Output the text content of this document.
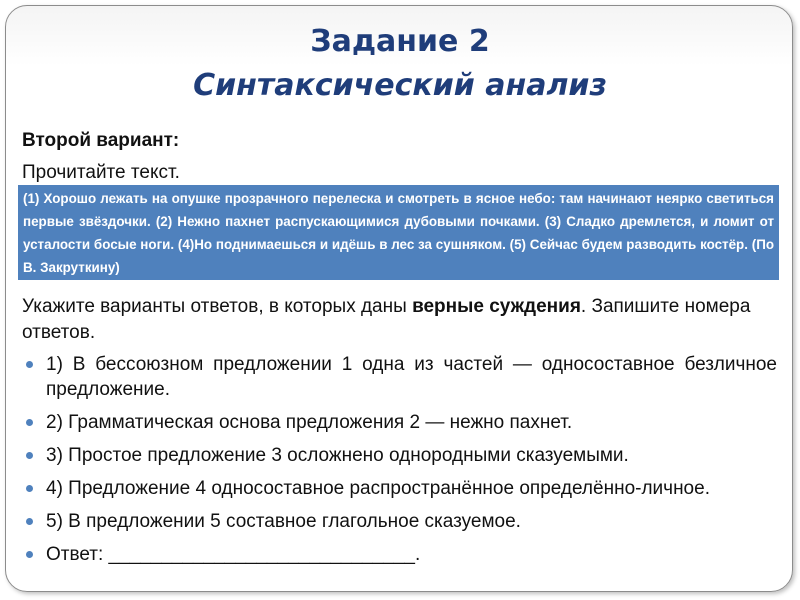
Задание 2
Синтаксический анализ
Второй вариант:
Прочитайте текст.
(1) Хорошо лежать на опушке прозрачного перелеска и смотреть в ясное небо: там начинают неярко светиться первые звёздочки. (2) Нежно пахнет распускающимися дубовыми почками. (3) Сладко дремлется, и ломит от усталости босые ноги. (4)Но поднимаешься и идёшь в лес за сушняком. (5) Сейчас будем разводить костёр. (По В. Закруткину)
Укажите варианты ответов, в которых даны верные суждения. Запишите номера ответов.
1) В бессоюзном предложении 1 одна из частей — односоставное безличное предложение.
2) Грамматическая основа предложения 2 — нежно пахнет.
3) Простое предложение 3 осложнено однородными сказуемыми.
4) Предложение 4 односоставное распространённое определённо-личное.
5) В предложении 5 составное глагольное сказуемое.
Ответ: _____________________________.
